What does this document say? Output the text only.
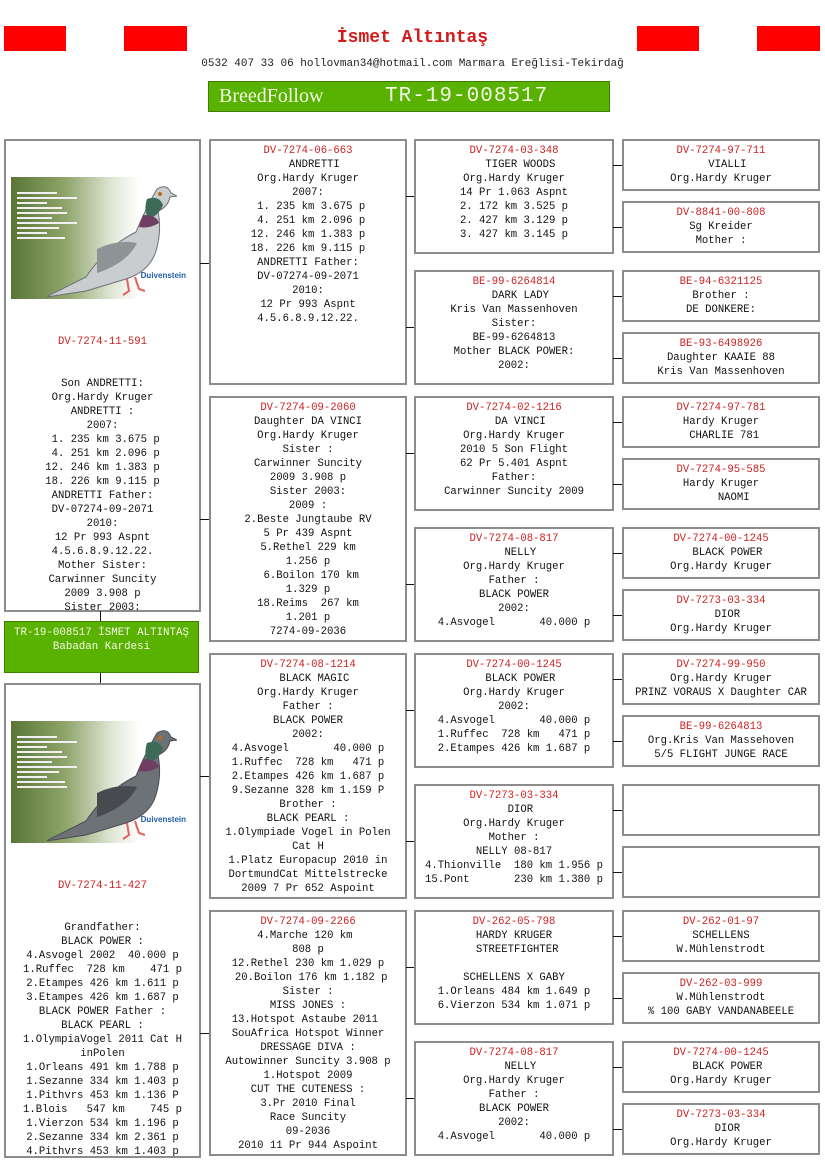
İsmet Altıntaş
0532 407 33 06 hollovman34@hotmail.com Marmara Ereğlisi-Tekirdağ
BreedFollow	TR-19-008517

Duivenstein

DV-7274-11-591

Son ANDRETTI:
Org.Hardy Kruger
ANDRETTI :
2007:
1. 235 km 3.675 p
4. 251 km 2.096 p
12. 246 km 1.383 p
18. 226 km 9.115 p
ANDRETTI Father:
DV-07274-09-2071
2010:
12 Pr 993 Aspnt
4.5.6.8.9.12.22.
Mother Sister:
Carwinner Suncity
2009 3.908 p
Sister 2003:

TR-19-008517 İSMET ALTINTAŞ Babadan Kardesi

Duivenstein

DV-7274-11-427

Grandfather:
BLACK POWER :
4.Asvogel 2002  40.000 p
1.Ruffec  728 km    471 p
2.Etampes 426 km 1.611 p
3.Etampes 426 km 1.687 p
BLACK POWER Father :
BLACK PEARL :
1.OlympiaVogel 2011 Cat H
inPolen
1.Orleans 491 km 1.788 p
1.Sezanne 334 km 1.403 p
1.Pithvrs 453 km 1.136 P
1.Blois   547 km    745 p
1.Vierzon 534 km 1.196 p
2.Sezanne 334 km 2.361 p
4.Pithvrs 453 km 1.403 p

DV-7274-06-663
ANDRETTI
Org.Hardy Kruger
2007:
1. 235 km 3.675 p
4. 251 km 2.096 p
12. 246 km 1.383 p
18. 226 km 9.115 p
ANDRETTI Father:
DV-07274-09-2071
2010:
12 Pr 993 Aspnt
4.5.6.8.9.12.22.
DV-7274-09-2060
Daughter DA VINCI
Org.Hardy Kruger
Sister :
Carwinner Suncity
2009 3.908 p
Sister 2003:
2009 :
2.Beste Jungtaube RV
5 Pr 439 Aspnt
5.Rethel 229 km
1.256 p
6.Boilon 170 km
1.329 p
18.Reims  267 km
1.201 p
7274-09-2036
DV-7274-08-1214
BLACK MAGIC
Org.Hardy Kruger
Father :
BLACK POWER
2002:
4.Asvogel       40.000 p
1.Ruffec  728 km   471 p
2.Etampes 426 km 1.687 p
9.Sezanne 328 km 1.159 P
Brother :
BLACK PEARL :
1.Olympiade Vogel in Polen
Cat H
1.Platz Europacup 2010 in
DortmundCat Mittelstrecke
2009 7 Pr 652 Aspoint
DV-7274-09-2266
4.Marche 120 km
808 p
12.Rethel 230 km 1.029 p
20.Boilon 176 km 1.182 p
Sister :
MISS JONES :
13.Hotspot Astaube 2011
SouAfrica Hotspot Winner
DRESSAGE DIVA :
Autowinner Suncity 3.908 p
1.Hotspot 2009
CUT THE CUTENESS :
3.Pr 2010 Final
Race Suncity
09-2036
2010 11 Pr 944 Aspoint
DV-7274-03-348
TIGER WOODS
Org.Hardy Kruger
14 Pr 1.063 Aspnt
2. 172 km 3.525 p
2. 427 km 3.129 p
3. 427 km 3.145 p
BE-99-6264814
DARK LADY
Kris Van Massenhoven
Sister:
BE-99-6264813
Mother BLACK POWER:
2002:
DV-7274-02-1216
DA VINCI
Org.Hardy Kruger
2010 5 Son Flight
62 Pr 5.401 Aspnt
Father:
Carwinner Suncity 2009
DV-7274-08-817
NELLY
Org.Hardy Kruger
Father :
BLACK POWER
2002:
4.Asvogel       40.000 p
DV-7274-00-1245
BLACK POWER
Org.Hardy Kruger
2002:
4.Asvogel       40.000 p
1.Ruffec  728 km   471 p
2.Etampes 426 km 1.687 p
DV-7273-03-334
DIOR
Org.Hardy Kruger
Mother :
NELLY 08-817
4.Thionville  180 km 1.956 p
15.Pont       230 km 1.380 p
DV-262-05-798
HARDY KRUGER
STREETFIGHTER

SCHELLENS X GABY
1.Orleans 484 km 1.649 p
6.Vierzon 534 km 1.071 p
DV-7274-08-817
NELLY
Org.Hardy Kruger
Father :
BLACK POWER
2002:
4.Asvogel       40.000 p
DV-7274-97-711
VIALLI
Org.Hardy Kruger
DV-8841-00-808
Sg Kreider
Mother :
BE-94-6321125
Brother :
DE DONKERE:
BE-93-6498926
Daughter KAAIE 88
Kris Van Massenhoven
DV-7274-97-781
Hardy Kruger
CHARLIE 781
DV-7274-95-585
Hardy Kruger
NAOMI
DV-7274-00-1245
BLACK POWER
Org.Hardy Kruger
DV-7273-03-334
DIOR
Org.Hardy Kruger
DV-7274-99-950
Org.Hardy Kruger
PRINZ VORAUS X Daughter CAR
BE-99-6264813
Org.Kris Van Massehoven
5/5 FLIGHT JUNGE RACE
DV-262-01-97
SCHELLENS
W.Mühlenstrodt
DV-262-03-999
W.Mühlenstrodt
% 100 GABY VANDANABEELE
DV-7274-00-1245
BLACK POWER
Org.Hardy Kruger
DV-7273-03-334
DIOR
Org.Hardy Kruger
